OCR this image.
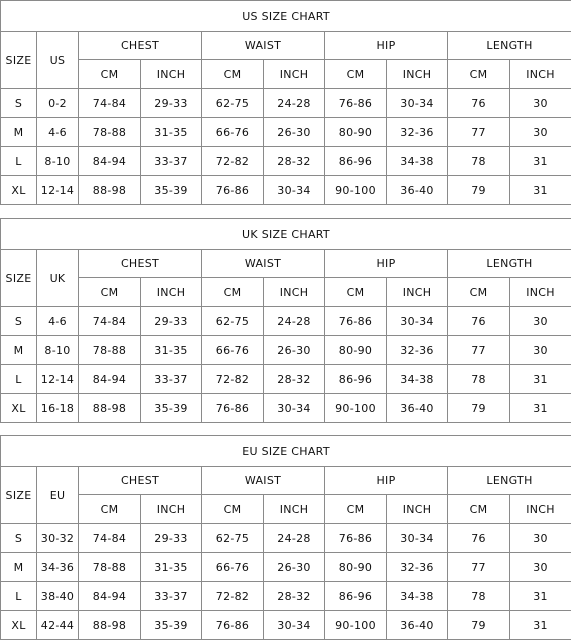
US SIZE CHART									
SIZE	US	CHEST		WAIST		HIP		LENGTH	
		CM	INCH	CM	INCH	CM	INCH	CM	INCH
S	0-2	74-84	29-33	62-75	24-28	76-86	30-34	76	30
M	4-6	78-88	31-35	66-76	26-30	80-90	32-36	77	30
L	8-10	84-94	33-37	72-82	28-32	86-96	34-38	78	31
XL	12-14	88-98	35-39	76-86	30-34	90-100	36-40	79	31
UK SIZE CHART									
SIZE	UK	CHEST		WAIST		HIP		LENGTH	
		CM	INCH	CM	INCH	CM	INCH	CM	INCH
S	4-6	74-84	29-33	62-75	24-28	76-86	30-34	76	30
M	8-10	78-88	31-35	66-76	26-30	80-90	32-36	77	30
L	12-14	84-94	33-37	72-82	28-32	86-96	34-38	78	31
XL	16-18	88-98	35-39	76-86	30-34	90-100	36-40	79	31
EU SIZE CHART									
SIZE	EU	CHEST		WAIST		HIP		LENGTH	
		CM	INCH	CM	INCH	CM	INCH	CM	INCH
S	30-32	74-84	29-33	62-75	24-28	76-86	30-34	76	30
M	34-36	78-88	31-35	66-76	26-30	80-90	32-36	77	30
L	38-40	84-94	33-37	72-82	28-32	86-96	34-38	78	31
XL	42-44	88-98	35-39	76-86	30-34	90-100	36-40	79	31
